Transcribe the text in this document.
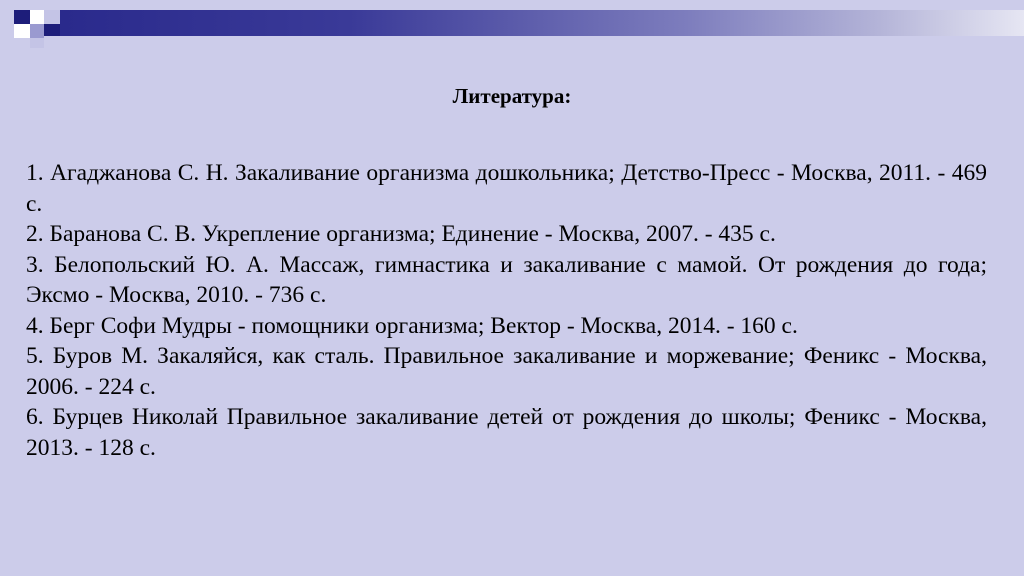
Литература:

1. Агаджанова С. Н. Закаливание организма дошкольника; Детство-Пресс - Москва, 2011. - 469 с.

2. Баранова С. В. Укрепление организма; Единение - Москва, 2007. - 435 с.

3. Белопольский Ю. А. Массаж, гимнастика и закаливание с мамой. От рождения до года; Эксмо - Москва, 2010. - 736 с.

4. Берг Софи Мудры - помощники организма; Вектор - Москва, 2014. - 160 с.

5. Буров М. Закаляйся, как сталь. Правильное закаливание и моржевание; Феникс - Москва, 2006. - 224 с.

6. Бурцев Николай Правильное закаливание детей от рождения до школы; Феникс - Москва, 2013. - 128 с.
